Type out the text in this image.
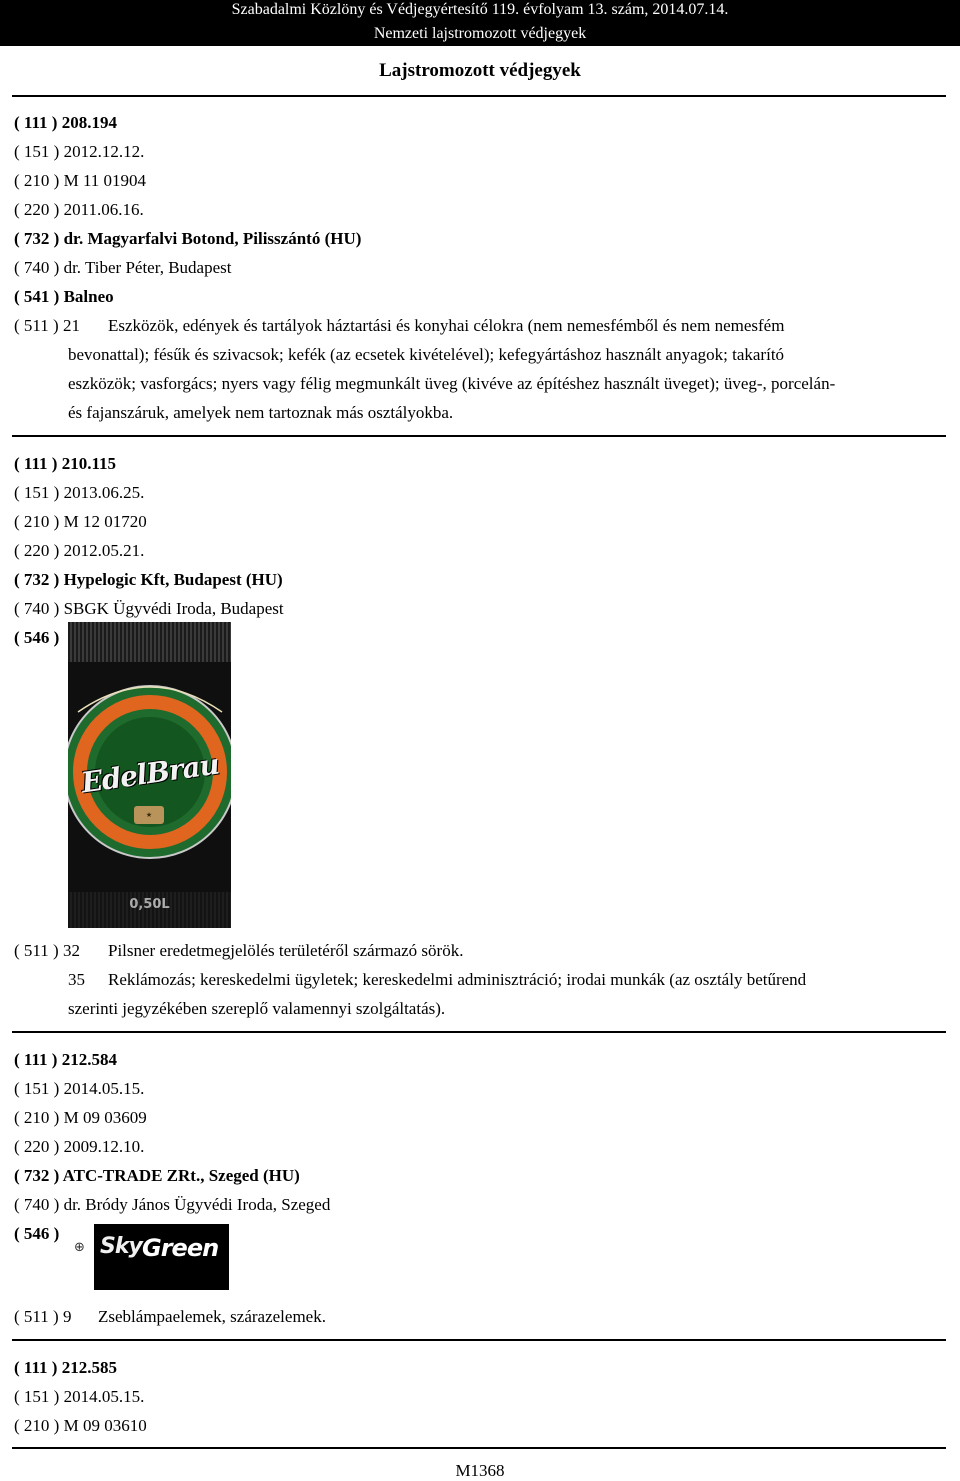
Szabadalmi Közlöny és Védjegyértesítő 119. évfolyam 13. szám, 2014.07.14.
Nemzeti lajstromozott védjegyek
Lajstromozott védjegyek
( 111 ) 208.194
( 151 ) 2012.12.12.
( 210 ) M 11 01904
( 220 ) 2011.06.16.
( 732 ) dr. Magyarfalvi Botond, Pilisszántó (HU)
( 740 ) dr. Tiber Péter, Budapest
( 541 ) Balneo
( 511 ) 21 Eszközök, edények és tartályok háztartási és konyhai célokra (nem nemesfémből és nem nemesfém
bevonattal); fésűk és szivacsok; kefék (az ecsetek kivételével); kefegyártáshoz használt anyagok; takarító
eszközök; vasforgács; nyers vagy félig megmunkált üveg (kivéve az építéshez használt üveget); üveg-, porcelán-
és fajanszáruk, amelyek nem tartoznak más osztályokba.
( 111 ) 210.115
( 151 ) 2013.06.25.
( 210 ) M 12 01720
( 220 ) 2012.05.21.
( 732 ) Hypelogic Kft, Budapest (HU)
( 740 ) SBGK Ügyvédi Iroda, Budapest
( 546 )
EdelBrau
★
0,50L
( 511 ) 32 Pilsner eredetmegjelölés területéről származó sörök.
35 Reklámozás; kereskedelmi ügyletek; kereskedelmi adminisztráció; irodai munkák (az osztály betűrend
szerinti jegyzékében szereplő valamennyi szolgáltatás).
( 111 ) 212.584
( 151 ) 2014.05.15.
( 210 ) M 09 03609
( 220 ) 2009.12.10.
( 732 ) ATC-TRADE ZRt., Szeged (HU)
( 740 ) dr. Bródy János Ügyvédi Iroda, Szeged
( 546 )
⊕ Sky Green
( 511 ) 9 Zseblámpaelemek, szárazelemek.
( 111 ) 212.585
( 151 ) 2014.05.15.
( 210 ) M 09 03610
M1368
